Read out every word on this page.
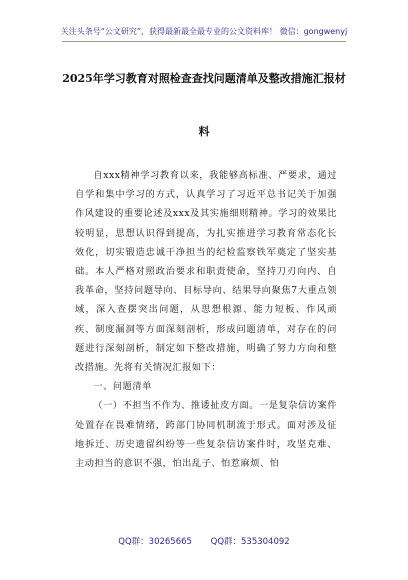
关注头条号“公文研究”，获得最新最全最专业的公文资料库！ 微信：gongwenyj
2025年学习教育对照检查查找问题清单及整改措施汇报材
料

自xxx精神学习教育以来，我能够高标准、严要求，通过自学和集中学习的方式，认真学习了习近平总书记关于加强作风建设的重要论述及xxx及其实施细则精神。学习的效果比较明显，思想认识得到提高，为扎实推进学习教育常态化长效化，切实锻造忠诚干净担当的纪检监察铁军奠定了坚实基础。本人严格对照政治要求和职责使命，坚持刀刃向内、自我革命，坚持问题导向、目标导向、结果导向聚焦7大重点领域，深入查摆突出问题，从思想根源、能力短板、作风顽疾、制度漏洞等方面深刻剖析，形成问题清单，对存在的问题进行深刻剖析，制定如下整改措施，明确了努力方向和整改措施。先将有关情况汇报如下：

一、问题清单

（一）不担当不作为、推诿扯皮方面。一是复杂信访案件处置存在畏难情绪，跨部门协同机制流于形式。面对涉及征地拆迁、历史遗留纠纷等一些复杂信访案件时，攻坚克难、主动担当的意识不强，怕出乱子、怕惹麻烦、怕

QQ群：30265665 QQ群：535304092
